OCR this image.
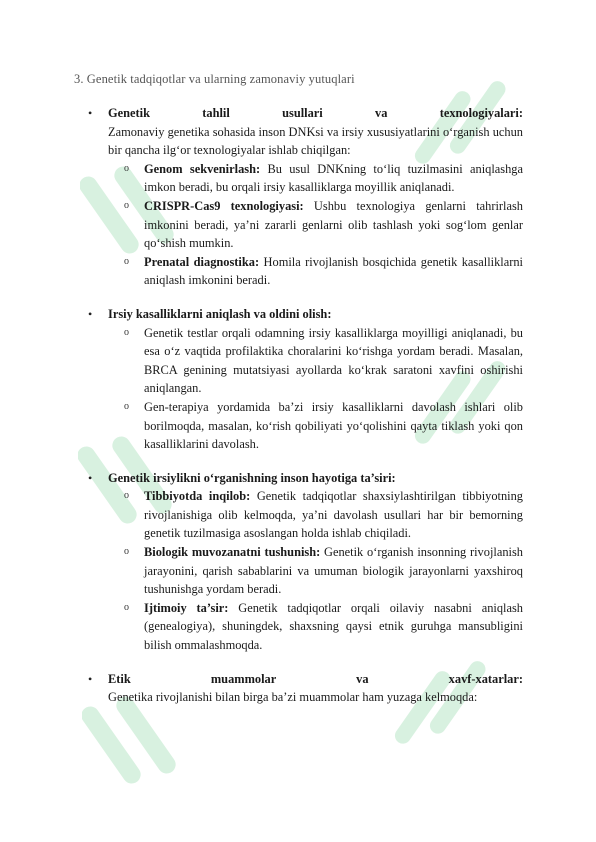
3. Genetik tadqiqotlar va ularning zamonaviy yutuqlari
• Genetik tahlil usullari va texnologiyalari:
Zamonaviy genetika sohasida inson DNKsi va irsiy xususiyatlarini o‘rganish uchun bir qancha ilg‘or texnologiyalar ishlab chiqilgan:
o Genom sekvenirlash: Bu usul DNKning to‘liq tuzilmasini aniqlashga imkon beradi, bu orqali irsiy kasalliklarga moyillik aniqlanadi.
o CRISPR-Cas9 texnologiyasi: Ushbu texnologiya genlarni tahrirlash imkonini beradi, ya’ni zararli genlarni olib tashlash yoki sog‘lom genlar qo‘shish mumkin.
o Prenatal diagnostika: Homila rivojlanish bosqichida genetik kasalliklarni aniqlash imkonini beradi.
• Irsiy kasalliklarni aniqlash va oldini olish:
o Genetik testlar orqali odamning irsiy kasalliklarga moyilligi aniqlanadi, bu esa o‘z vaqtida profilaktika choralarini ko‘rishga yordam beradi. Masalan, BRCA genining mutatsiyasi ayollarda ko‘krak saratoni xavfini oshirishi aniqlangan.
o Gen-terapiya yordamida ba’zi irsiy kasalliklarni davolash ishlari olib borilmoqda, masalan, ko‘rish qobiliyati yo‘qolishini qayta tiklash yoki qon kasalliklarini davolash.
• Genetik irsiylikni o‘rganishning inson hayotiga ta’siri:
o Tibbiyotda inqilob: Genetik tadqiqotlar shaxsiylashtirilgan tibbiyotning rivojlanishiga olib kelmoqda, ya’ni davolash usullari har bir bemorning genetik tuzilmasiga asoslangan holda ishlab chiqiladi.
o Biologik muvozanatni tushunish: Genetik o‘rganish insonning rivojlanish jarayonini, qarish sabablarini va umuman biologik jarayonlarni yaxshiroq tushunishga yordam beradi.
o Ijtimoiy ta’sir: Genetik tadqiqotlar orqali oilaviy nasabni aniqlash (genealogiya), shuningdek, shaxsning qaysi etnik guruhga mansubligini bilish ommalashmoqda.
• Etik muammolar va xavf-xatarlar:
Genetika rivojlanishi bilan birga ba’zi muammolar ham yuzaga kelmoqda:
